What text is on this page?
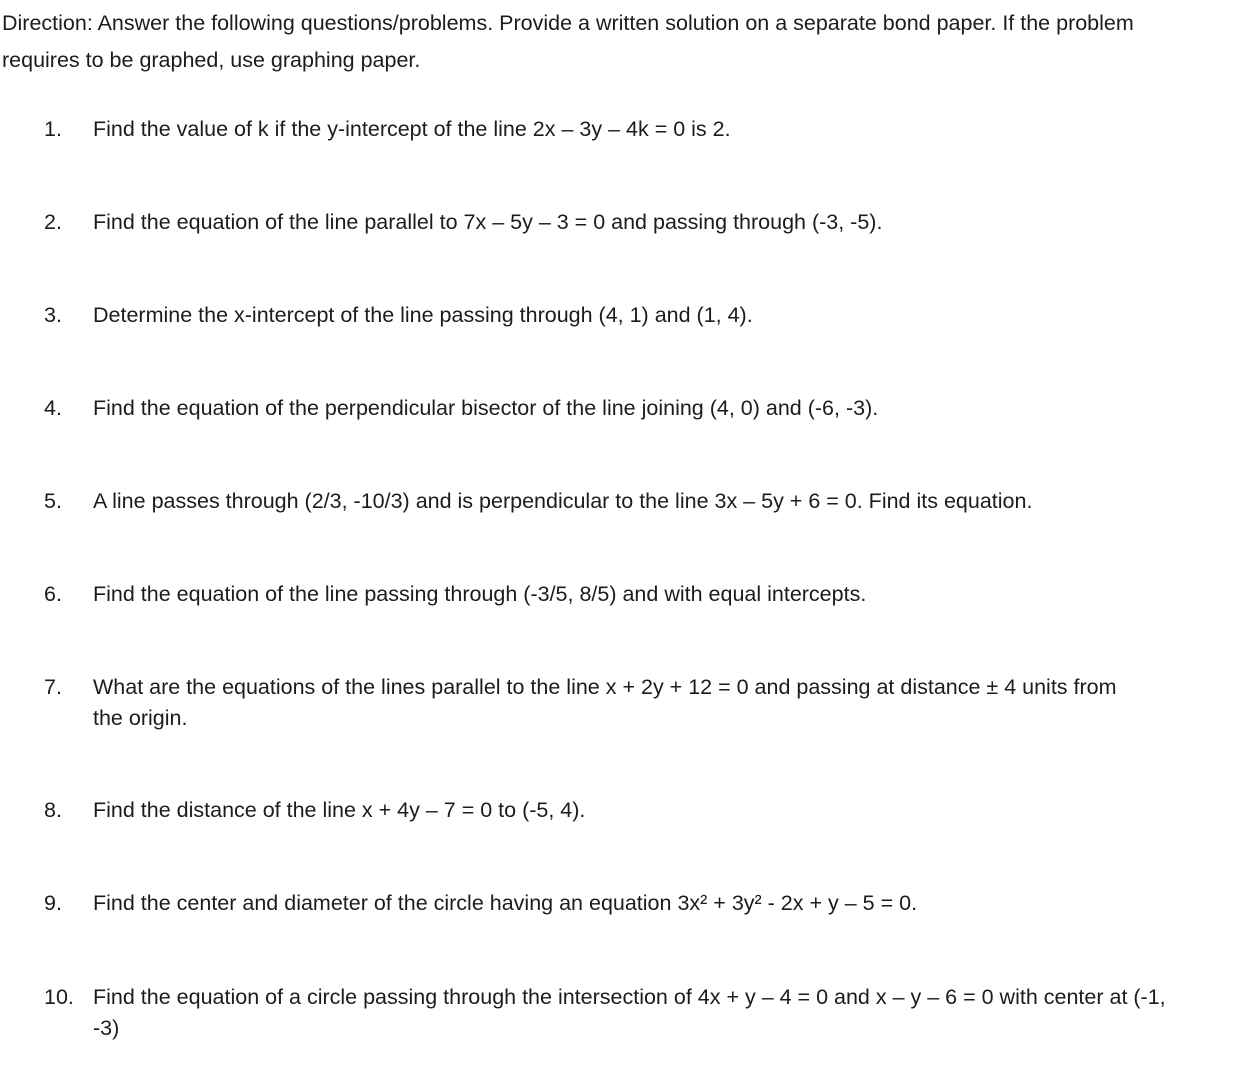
Direction: Answer the following questions/problems. Provide a written solution on a separate bond paper. If the problem requires to be graphed, use graphing paper.

1.	Find the value of k if the y-intercept of the line 2x – 3y – 4k = 0 is 2.
2.	Find the equation of the line parallel to 7x – 5y – 3 = 0 and passing through (-3, -5).
3.	Determine the x-intercept of the line passing through (4, 1) and (1, 4).
4.	Find the equation of the perpendicular bisector of the line joining (4, 0) and (-6, -3).
5.	A line passes through (2/3, -10/3) and is perpendicular to the line 3x – 5y + 6 = 0. Find its equation.
6.	Find the equation of the line passing through (-3/5, 8/5) and with equal intercepts.
7.	What are the equations of the lines parallel to the line x + 2y + 12 = 0 and passing at distance ± 4 units from the origin.
8.	Find the distance of the line x + 4y – 7 = 0 to (-5, 4).
9.	Find the center and diameter of the circle having an equation 3x² + 3y² - 2x + y – 5 = 0.
10. Find the equation of a circle passing through the intersection of 4x + y – 4 = 0 and x – y – 6 = 0 with center at (-1, -3)
